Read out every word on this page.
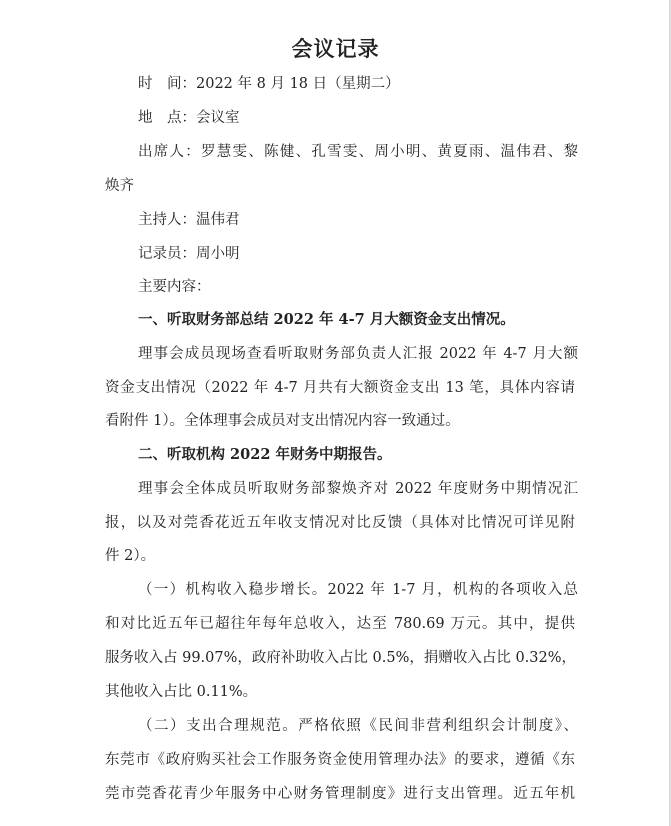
会议记录
时　间：2022 年 8 月 18 日（星期二）
地　点：会议室
出席人：罗慧雯、陈健、孔雪雯、周小明、黄夏雨、温伟君、黎
焕齐
主持人：温伟君
记录员：周小明
主要内容：
一、听取财务部总结 2022 年 4-7 月大额资金支出情况。
理事会成员现场查看听取财务部负责人汇报 2022 年 4-7 月大额
资金支出情况（2022 年 4-7 月共有大额资金支出 13 笔，具体内容请
看附件 1）。全体理事会成员对支出情况内容一致通过。
二、听取机构 2022 年财务中期报告。
理事会全体成员听取财务部黎焕齐对 2022 年度财务中期情况汇
报，以及对莞香花近五年收支情况对比反馈（具体对比情况可详见附
件 2）。
（一）机构收入稳步增长。2022 年 1-7 月，机构的各项收入总
和对比近五年已超往年每年总收入，达至 780.69 万元。其中，提供
服务收入占 99.07%，政府补助收入占比 0.5%，捐赠收入占比 0.32%，
其他收入占比 0.11%。
（二）支出合理规范。严格依照《民间非营利组织会计制度》、
东莞市《政府购买社会工作服务资金使用管理办法》的要求，遵循《东
莞市莞香花青少年服务中心财务管理制度》进行支出管理。近五年机
